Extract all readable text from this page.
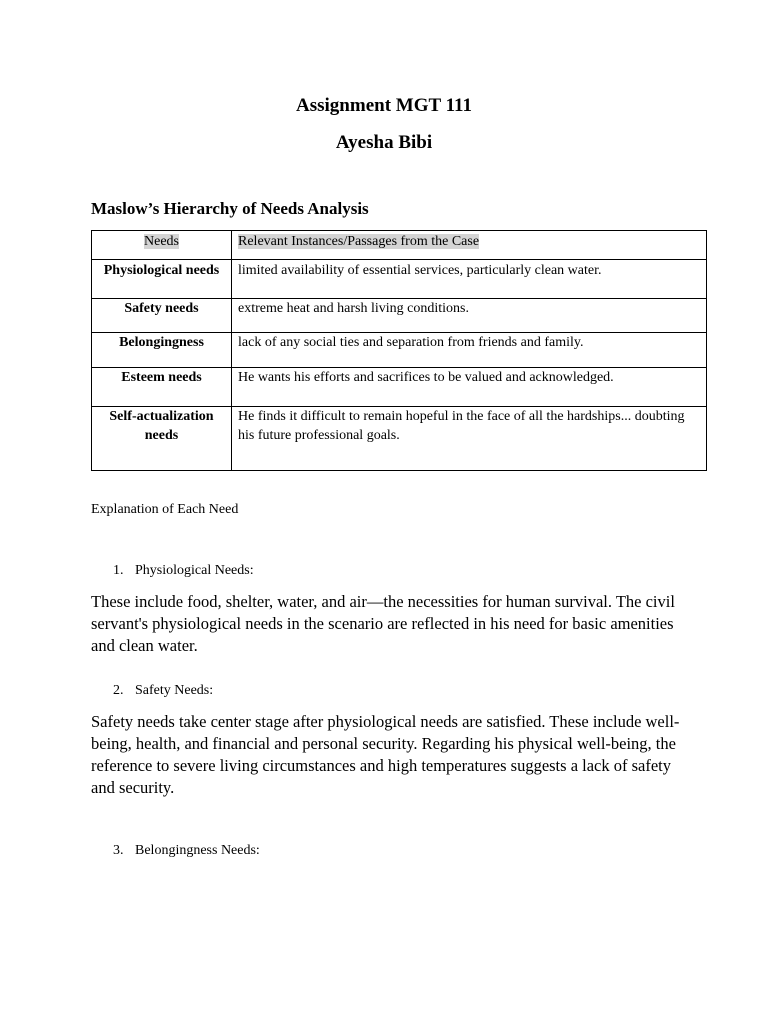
Assignment MGT 111
Ayesha Bibi
Maslow’s Hierarchy of Needs Analysis
Needs	Relevant Instances/Passages from the Case
Physiological needs	limited availability of essential services, particularly clean water.
Safety needs	extreme heat and harsh living conditions.
Belongingness	lack of any social ties and separation from friends and family.
Esteem needs	He wants his efforts and sacrifices to be valued and acknowledged.
Self-actualization needs	He finds it difficult to remain hopeful in the face of all the hardships... doubting his future professional goals.
Explanation of Each Need
1. Physiological Needs:
These include food, shelter, water, and air—the necessities for human survival. The civil servant's physiological needs in the scenario are reflected in his need for basic amenities and clean water.
2. Safety Needs:
Safety needs take center stage after physiological needs are satisfied. These include well-being, health, and financial and personal security. Regarding his physical well-being, the reference to severe living circumstances and high temperatures suggests a lack of safety and security.
3. Belongingness Needs:
